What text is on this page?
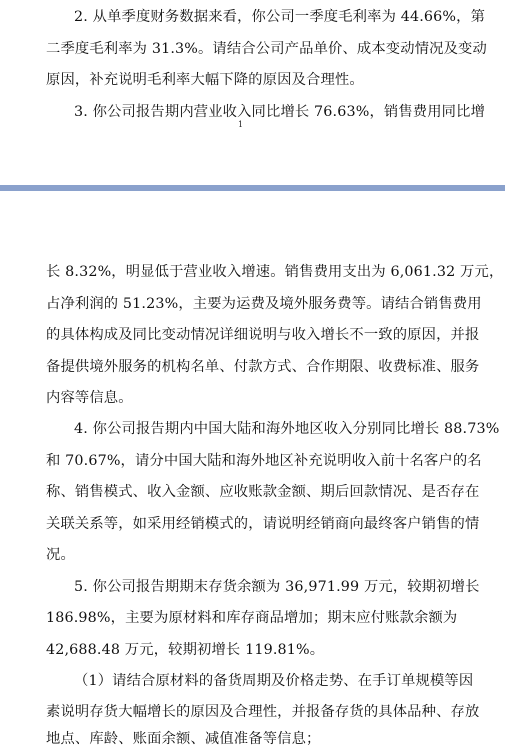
2. 从单季度财务数据来看，你公司一季度毛利率为 44.66%，第
二季度毛利率为 31.3%。请结合公司产品单价、成本变动情况及变动
原因，补充说明毛利率大幅下降的原因及合理性。
3. 你公司报告期内营业收入同比增长 76.63%，销售费用同比增
1
长 8.32%，明显低于营业收入增速。销售费用支出为 6,061.32 万元，
占净利润的 51.23%，主要为运费及境外服务费等。请结合销售费用
的具体构成及同比变动情况详细说明与收入增长不一致的原因，并报
备提供境外服务的机构名单、付款方式、合作期限、收费标准、服务
内容等信息。
4. 你公司报告期内中国大陆和海外地区收入分别同比增长 88.73%
和 70.67%，请分中国大陆和海外地区补充说明收入前十名客户的名
称、销售模式、收入金额、应收账款金额、期后回款情况、是否存在
关联关系等，如采用经销模式的，请说明经销商向最终客户销售的情
况。
5. 你公司报告期期末存货余额为 36,971.99 万元，较期初增长
186.98%，主要为原材料和库存商品增加；期末应付账款余额为
42,688.48 万元，较期初增长 119.81%。
（1）请结合原材料的备货周期及价格走势、在手订单规模等因
素说明存货大幅增长的原因及合理性，并报备存货的具体品种、存放
地点、库龄、账面余额、减值准备等信息；
